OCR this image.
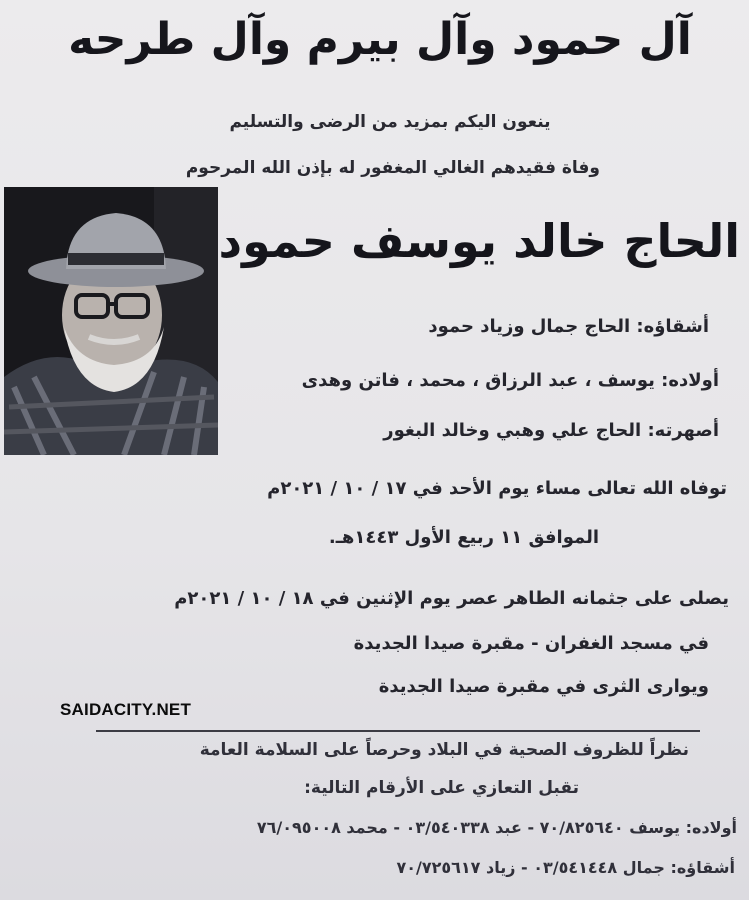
آل حمود وآل بيرم وآل طرحه
ينعون اليكم بمزيد من الرضى والتسليم
وفاة فقيدهم الغالي المغفور له بإذن الله المرحوم
الحاج خالد يوسف حمود
أشقاؤه: الحاج جمال وزياد حمود
أولاده: يوسف ، عبد الرزاق ، محمد ، فاتن وهدى
أصهرته: الحاج علي وهبي وخالد البغور
توفاه الله تعالى مساء يوم الأحد في ١٧ / ١٠ / ٢٠٢١م
الموافق ١١ ربيع الأول ١٤٤٣هـ.
يصلى على جثمانه الطاهر عصر يوم الإثنين في ١٨ / ١٠ / ٢٠٢١م
في مسجد الغفران - مقبرة صيدا الجديدة
ويوارى الثرى في مقبرة صيدا الجديدة
SAIDACITY.NET
نظراً للظروف الصحية في البلاد وحرصاً على السلامة العامة
تقبل التعازي على الأرقام التالية:
أولاده: يوسف ٧٠/٨٢٥٦٤٠ - عبد ٠٣/٥٤٠٣٣٨ - محمد ٧٦/٠٩٥٠٠٨
أشقاؤه: جمال ٠٣/٥٤١٤٤٨ - زياد ٧٠/٧٢٥٦١٧
